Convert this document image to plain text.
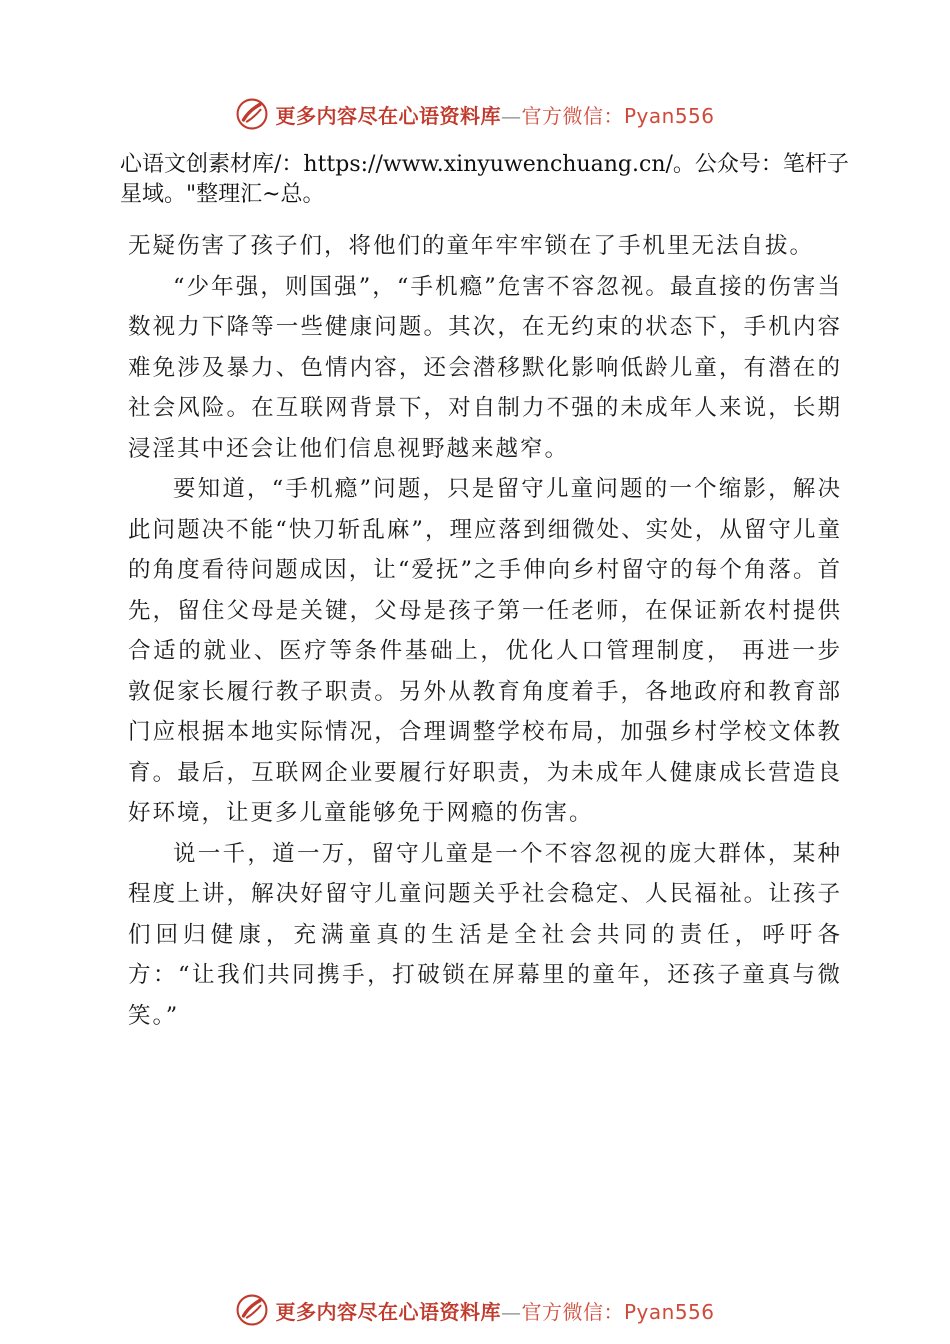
更多内容尽在心语资料库—官方微信：Pyan556

心语文创素材库/：https://www.xinyuwenchuang.cn/。公众号：笔杆子星域。"整理汇~总。

无疑伤害了孩子们，将他们的童年牢牢锁在了手机里无法自拔。

“少年强，则国强”，“手机瘾”危害不容忽视。最直接的伤害当数视力下降等一些健康问题。其次，在无约束的状态下，手机内容难免涉及暴力、色情内容，还会潜移默化影响低龄儿童，有潜在的社会风险。在互联网背景下，对自制力不强的未成年人来说，长期浸淫其中还会让他们信息视野越来越窄。

要知道，“手机瘾”问题，只是留守儿童问题的一个缩影，解决此问题决不能“快刀斩乱麻”，理应落到细微处、实处，从留守儿童的角度看待问题成因，让“爱抚”之手伸向乡村留守的每个角落。首先，留住父母是关键，父母是孩子第一任老师，在保证新农村提供合适的就业、医疗等条件基础上，优化人口管理制度， 再进一步敦促家长履行教子职责。另外从教育角度着手，各地政府和教育部门应根据本地实际情况，合理调整学校布局，加强乡村学校文体教育。最后，互联网企业要履行好职责，为未成年人健康成长营造良好环境，让更多儿童能够免于网瘾的伤害。

说一千，道一万，留守儿童是一个不容忽视的庞大群体，某种程度上讲，解决好留守儿童问题关乎社会稳定、人民福祉。让孩子们回归健康，充满童真的生活是全社会共同的责任，呼吁各方：“让我们共同携手，打破锁在屏幕里的童年，还孩子童真与微笑。”

更多内容尽在心语资料库—官方微信：Pyan556
